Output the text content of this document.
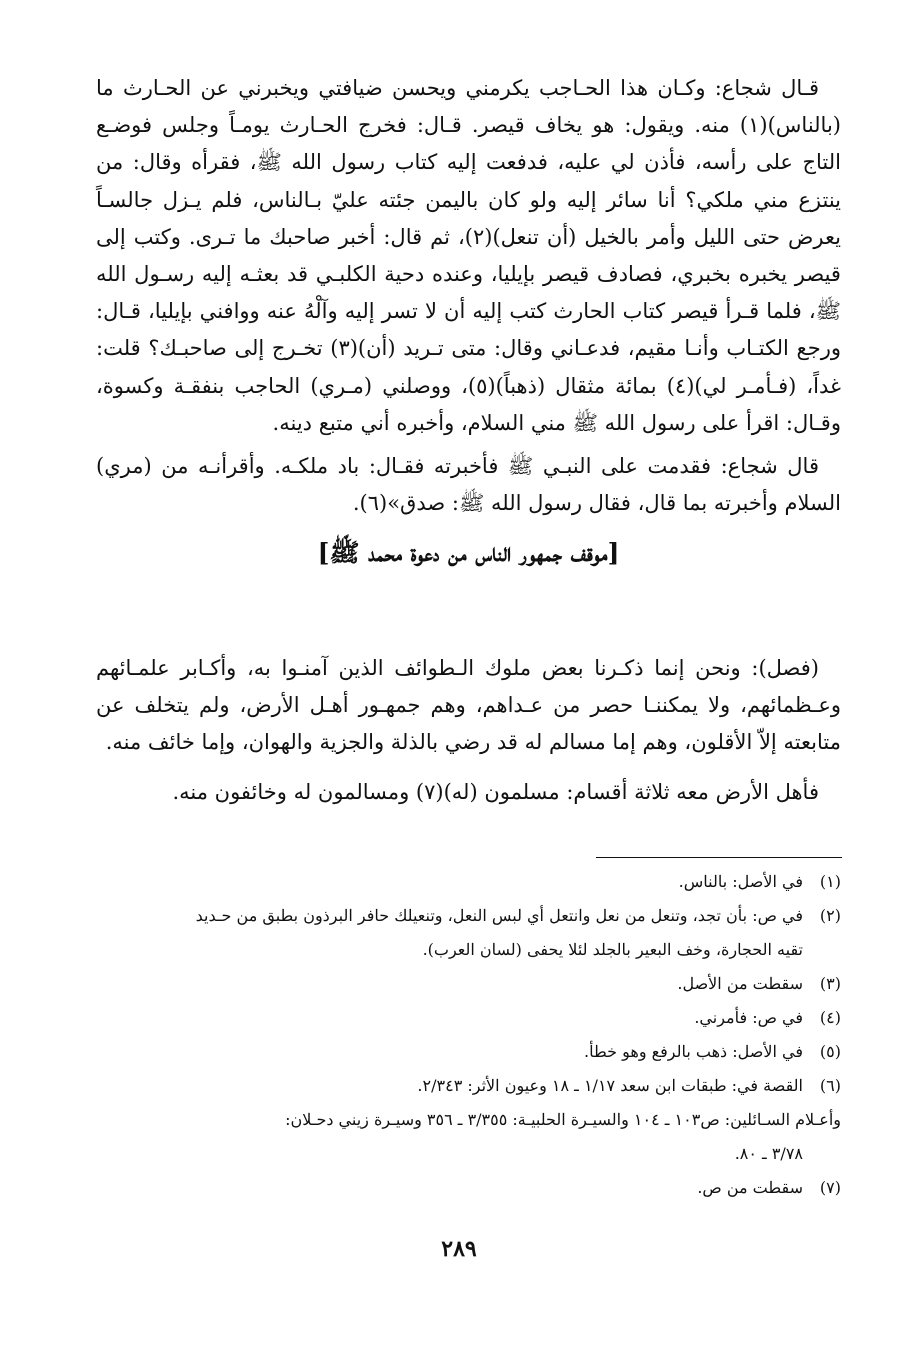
قـال شجاع: وكـان هذا الحـاجب يكرمني ويحسن ضيافتي ويخبرني عن الحـارث ما (بالناس)(١) منه. ويقول: هو يخاف قيصر. قـال: فخرج الحـارث يومـاً وجلس فوضـع التاج على رأسه، فأذن لي عليه، فدفعت إليه كتاب رسول الله ﷺ، فقرأه وقال: من ينتزع مني ملكي؟ أنا سائر إليه ولو كان باليمن جئته عليّ بـالناس، فلم يـزل جالسـاً يعرض حتى الليل وأمر بالخيل (أن تنعل)(٢)، ثم قال: أخبر صاحبك ما تـرى. وكتب إلى قيصر يخبره بخبري، فصادف قيصر بإيليا، وعنده دحية الكلبـي قد بعثـه إليه رسـول الله ﷺ، فلما قـرأ قيصر كتاب الحارث كتب إليه أن لا تسر إليه وآلْهُ عنه ووافني بإيليا، قـال: ورجع الكتـاب وأنـا مقيم، فدعـاني وقال: متى تـريد (أن)(٣) تخـرج إلى صاحبـك؟ قلت: غداً، (فـأمـر لي)(٤) بمائة مثقال (ذهباً)(٥)، ووصلني (مـري) الحاجب بنفقـة وكسوة، وقـال: اقرأ على رسول الله ﷺ مني السلام، وأخبره أني متبع دينه.

قال شجاع: فقدمت على النبـي ﷺ فأخبرته فقـال: باد ملكـه. وأقرأنـه من (مري) السلام وأخبرته بما قال، فقال رسول الله ﷺ: صدق»(٦).

[موقف جمهور الناس من دعوة محمد ﷺ]

(فصل): ونحن إنما ذكـرنا بعض ملوك الـطوائف الذين آمنـوا به، وأكـابر علمـائهم وعـظمائهم، ولا يمكننـا حصر من عـداهم، وهم جمهـور أهـل الأرض، ولم يتخلف عن متابعته إلاّ الأقلون، وهم إما مسالم له قد رضي بالذلة والجزية والهوان، وإما خائف منه.

فأهل الأرض معه ثلاثة أقسام: مسلمون (له)(٧) ومسالمون له وخائفون منه.

(١)
في الأصل: بالناس.
(٢)
في ص: بأن تجد، وتنعل من نعل وانتعل أي لبس النعل، وتنعيلك حافر البرذون بطبق من حـديد
تقيه الحجارة، وخف البعير بالجلد لئلا يحفى (لسان العرب).
(٣)
سقطت من الأصل.
(٤)
في ص: فأمرني.
(٥)
في الأصل: ذهب بالرفع وهو خطأ.
(٦)
القصة في: طبقات ابن سعد ١/١٧ ـ ١٨ وعيون الأثر: ٢/٣٤٣.
وأعـلام السـائلين: ص١٠٣ ـ ١٠٤ والسيـرة الحلبيـة: ٣/٣٥٥ ـ ٣٥٦ وسيـرة زيني دحـلان:
٣/٧٨ ـ ٨٠.
(٧)
سقطت من ص.
٢٨٩
